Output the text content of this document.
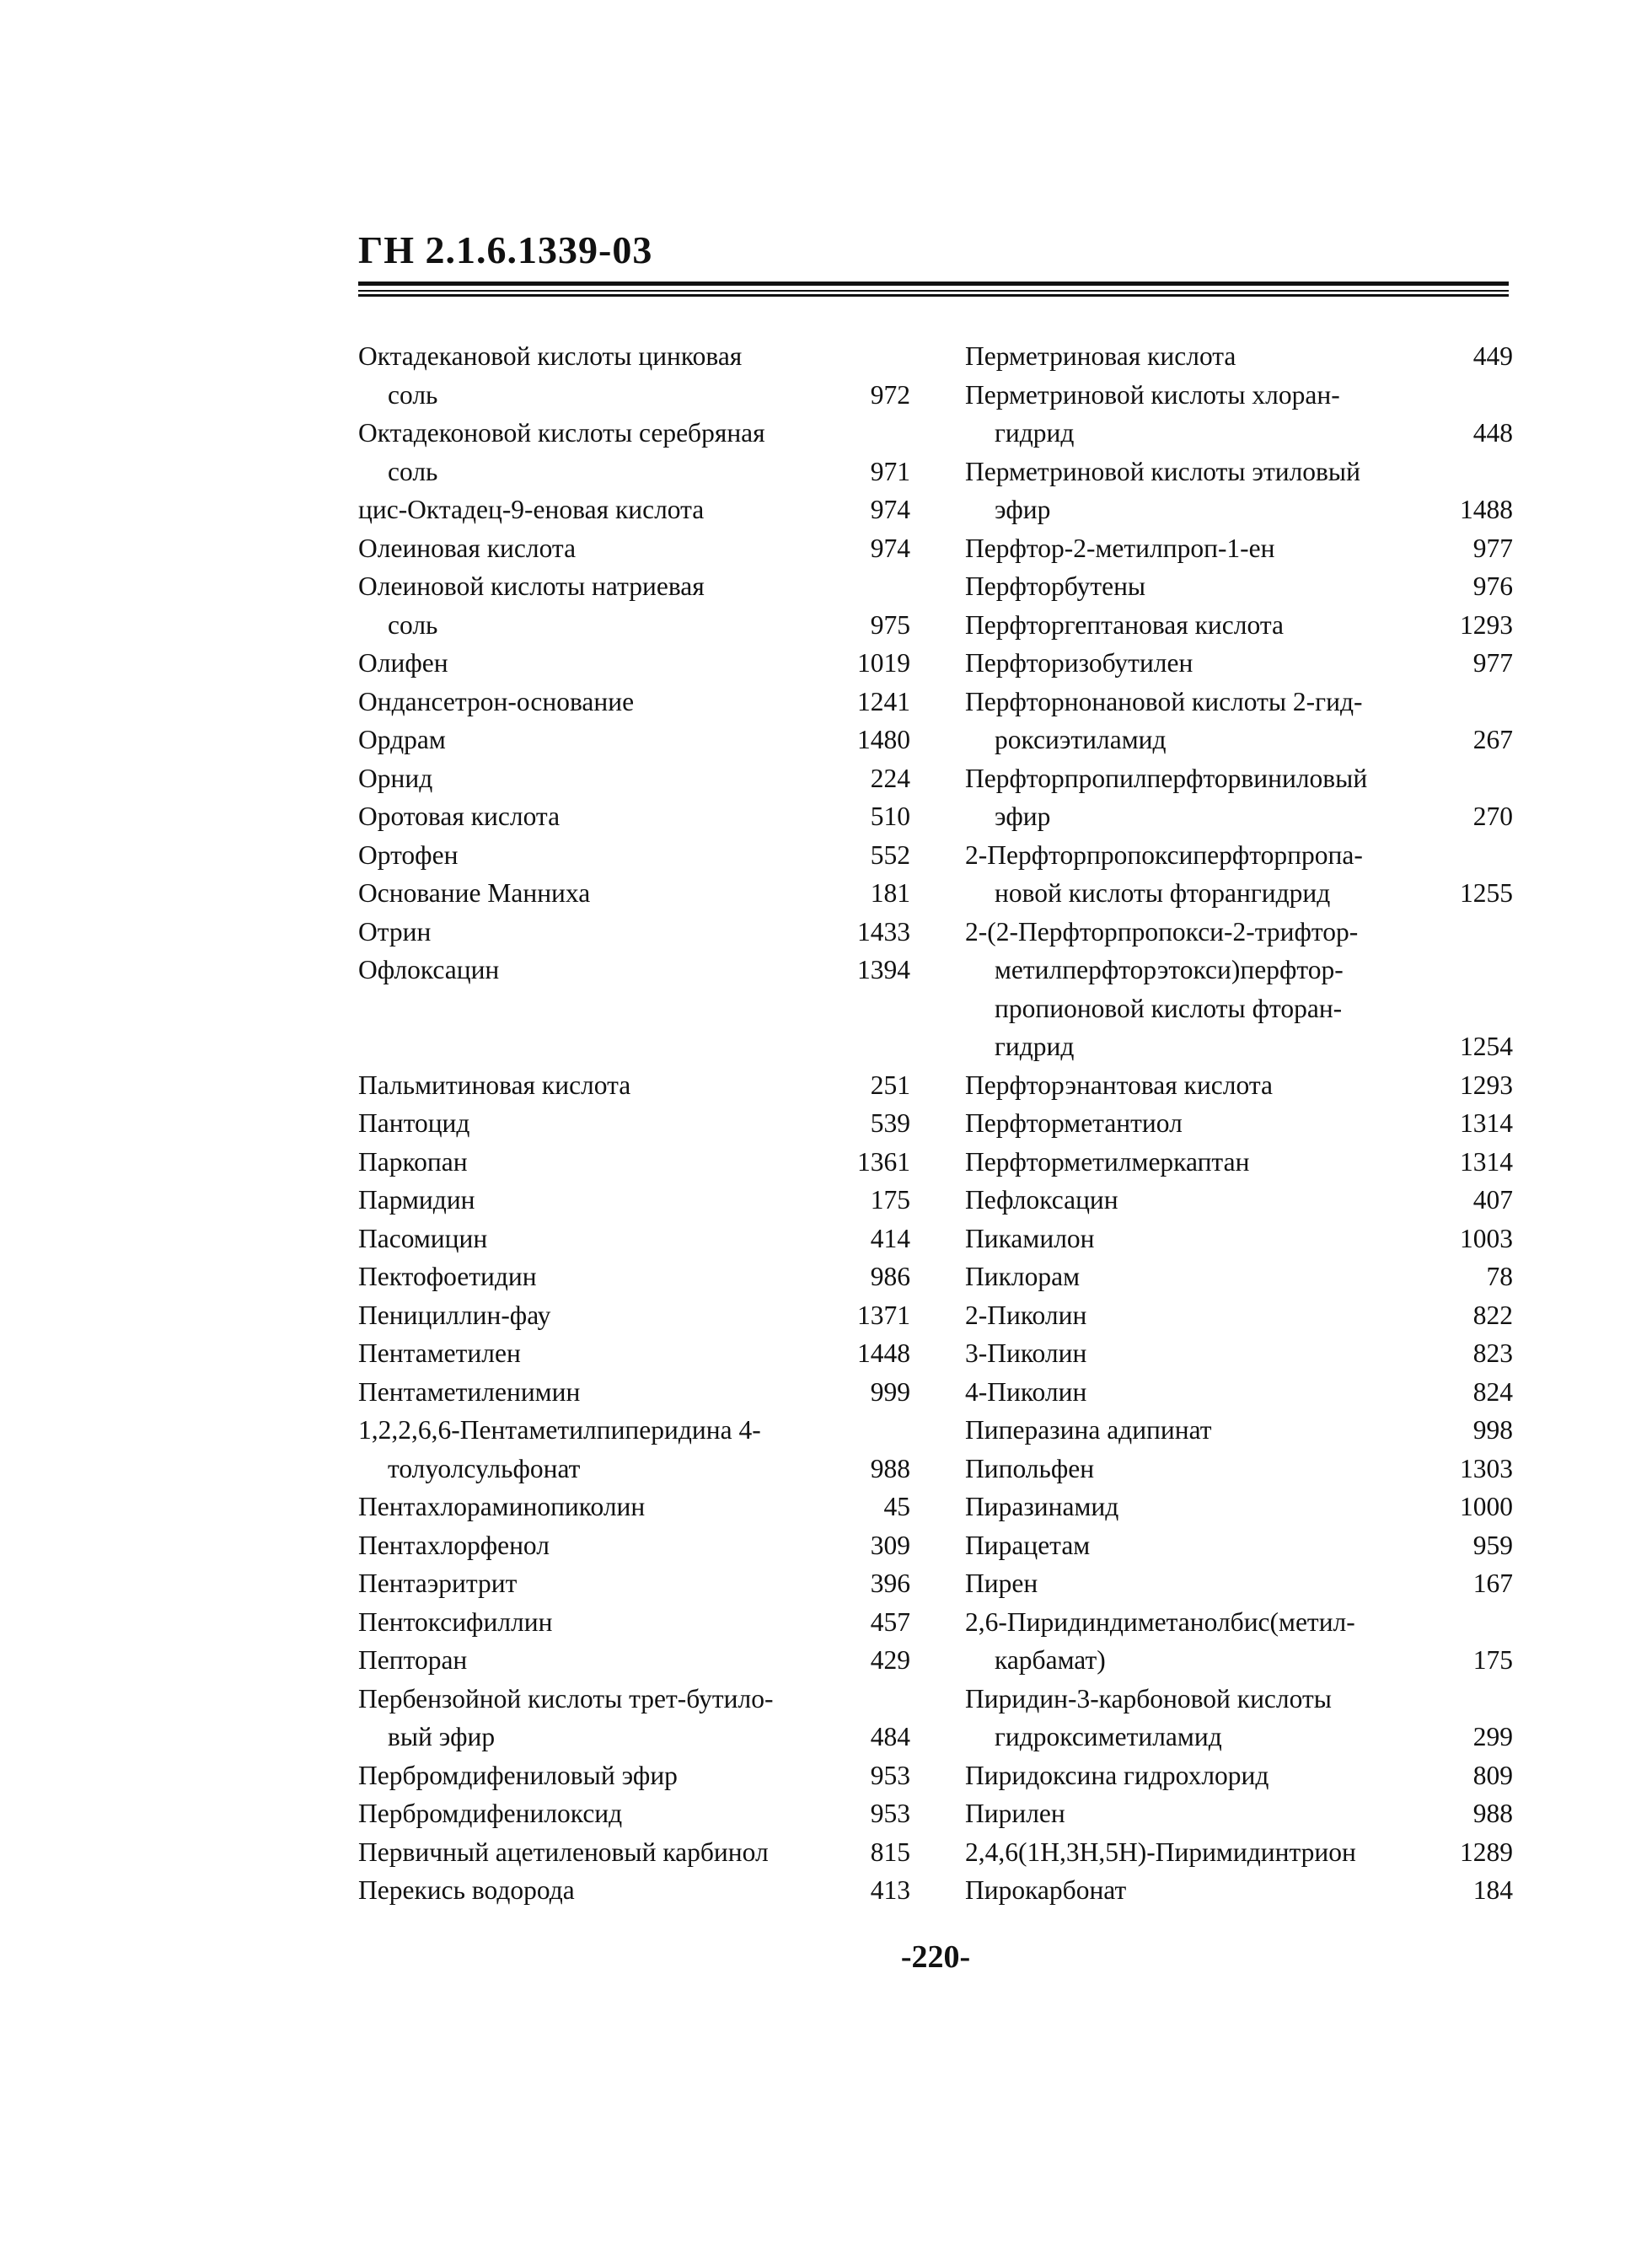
ГН 2.1.6.1339-03
Октадекановой кислоты цинковая
соль	972
Октадеконовой кислоты серебряная
соль	971
цис-Октадец-9-еновая кислота	974
Олеиновая кислота	974
Олеиновой кислоты натриевая
соль	975
Олифен	1019
Ондансетрон-основание	1241
Ордрам	1480
Орнид	224
Оротовая кислота	510
Ортофен	552
Основание Манниха	181
Отрин	1433
Офлоксацин	1394
Пальмитиновая кислота	251
Пантоцид	539
Паркопан	1361
Пармидин	175
Пасомицин	414
Пектофоетидин	986
Пенициллин-фау	1371
Пентаметилен	1448
Пентаметиленимин	999
1,2,2,6,6-Пентаметилпиперидина 4-
толуолсульфонат	988
Пентахлораминопиколин	45
Пентахлорфенол	309
Пентаэритрит	396
Пентоксифиллин	457
Пепторан	429
Пербензойной кислоты трет-бутило-
вый эфир	484
Пербромдифениловый эфир	953
Пербромдифенилоксид	953
Первичный ацетиленовый карбинол	815
Перекись водорода	413
Перметриновая кислота	449
Перметриновой кислоты хлоран-
гидрид	448
Перметриновой кислоты этиловый
эфир	1488
Перфтор-2-метилпроп-1-ен	977
Перфторбутены	976
Перфторгептановая кислота	1293
Перфторизобутилен	977
Перфторнонановой кислоты 2-гид-
роксиэтиламид	267
Перфторпропилперфторвиниловый
эфир	270
2-Перфторпропоксиперфторпропа-
новой кислоты фторангидрид	1255
2-(2-Перфторпропокси-2-трифтор-
метилперфторэтокси)перфтор-
пропионовой кислоты фторан-
гидрид	1254
Перфторэнантовая кислота	1293
Перфторметантиол	1314
Перфторметилмеркаптан	1314
Пефлоксацин	407
Пикамилон	1003
Пиклорам	78
2-Пиколин	822
3-Пиколин	823
4-Пиколин	824
Пиперазина адипинат	998
Пипольфен	1303
Пиразинамид	1000
Пирацетам	959
Пирен	167
2,6-Пиридиндиметанолбис(метил-
карбамат)	175
Пиридин-3-карбоновой кислоты
гидроксиметиламид	299
Пиридоксина гидрохлорид	809
Пирилен	988
2,4,6(1Н,3Н,5Н)-Пиримидинтрион	1289
Пирокарбонат	184
-220-
